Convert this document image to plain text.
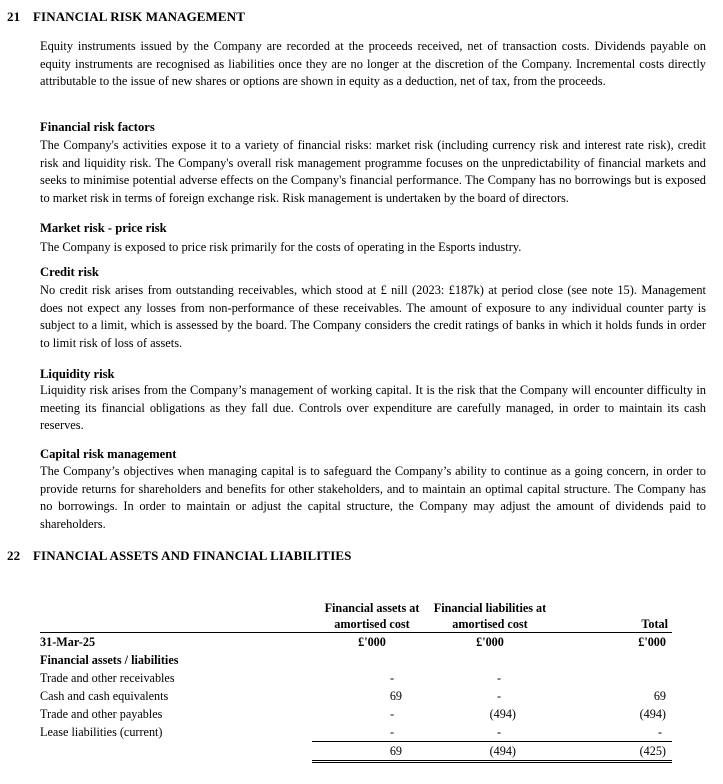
21 FINANCIAL RISK MANAGEMENT

Equity instruments issued by the Company are recorded at the proceeds received, net of transaction costs. Dividends payable on equity instruments are recognised as liabilities once they are no longer at the discretion of the Company. Incremental costs directly attributable to the issue of new shares or options are shown in equity as a deduction, net of tax, from the proceeds.

Financial risk factors

The Company's activities expose it to a variety of financial risks: market risk (including currency risk and interest rate risk), credit risk and liquidity risk. The Company's overall risk management programme focuses on the unpredictability of financial markets and seeks to minimise potential adverse effects on the Company's financial performance. The Company has no borrowings but is exposed to market risk in terms of foreign exchange risk. Risk management is undertaken by the board of directors.

Market risk - price risk

The Company is exposed to price risk primarily for the costs of operating in the Esports industry.

Credit risk

No credit risk arises from outstanding receivables, which stood at £ nill (2023: £187k) at period close (see note 15). Management does not expect any losses from non-performance of these receivables. The amount of exposure to any individual counter party is subject to a limit, which is assessed by the board. The Company considers the credit ratings of banks in which it holds funds in order to limit risk of loss of assets.

Liquidity risk

Liquidity risk arises from the Company’s management of working capital. It is the risk that the Company will encounter difficulty in meeting its financial obligations as they fall due. Controls over expenditure are carefully managed, in order to maintain its cash reserves.

Capital risk management

The Company’s objectives when managing capital is to safeguard the Company’s ability to continue as a going concern, in order to provide returns for shareholders and benefits for other stakeholders, and to maintain an optimal capital structure. The Company has no borrowings. In order to maintain or adjust the capital structure, the Company may adjust the amount of dividends paid to shareholders.

22 FINANCIAL ASSETS AND FINANCIAL LIABILITIES
	Financial assets at amortised cost	Financial liabilities at amortised cost	Total
31-Mar-25	£'000	£'000	£'000
Financial assets / liabilities			
Trade and other receivables	-	-	
Cash and cash equivalents	69	-	69
Trade and other payables	-	(494)	(494)
Lease liabilities (current)	-	-	-
	69	(494)	(425)
